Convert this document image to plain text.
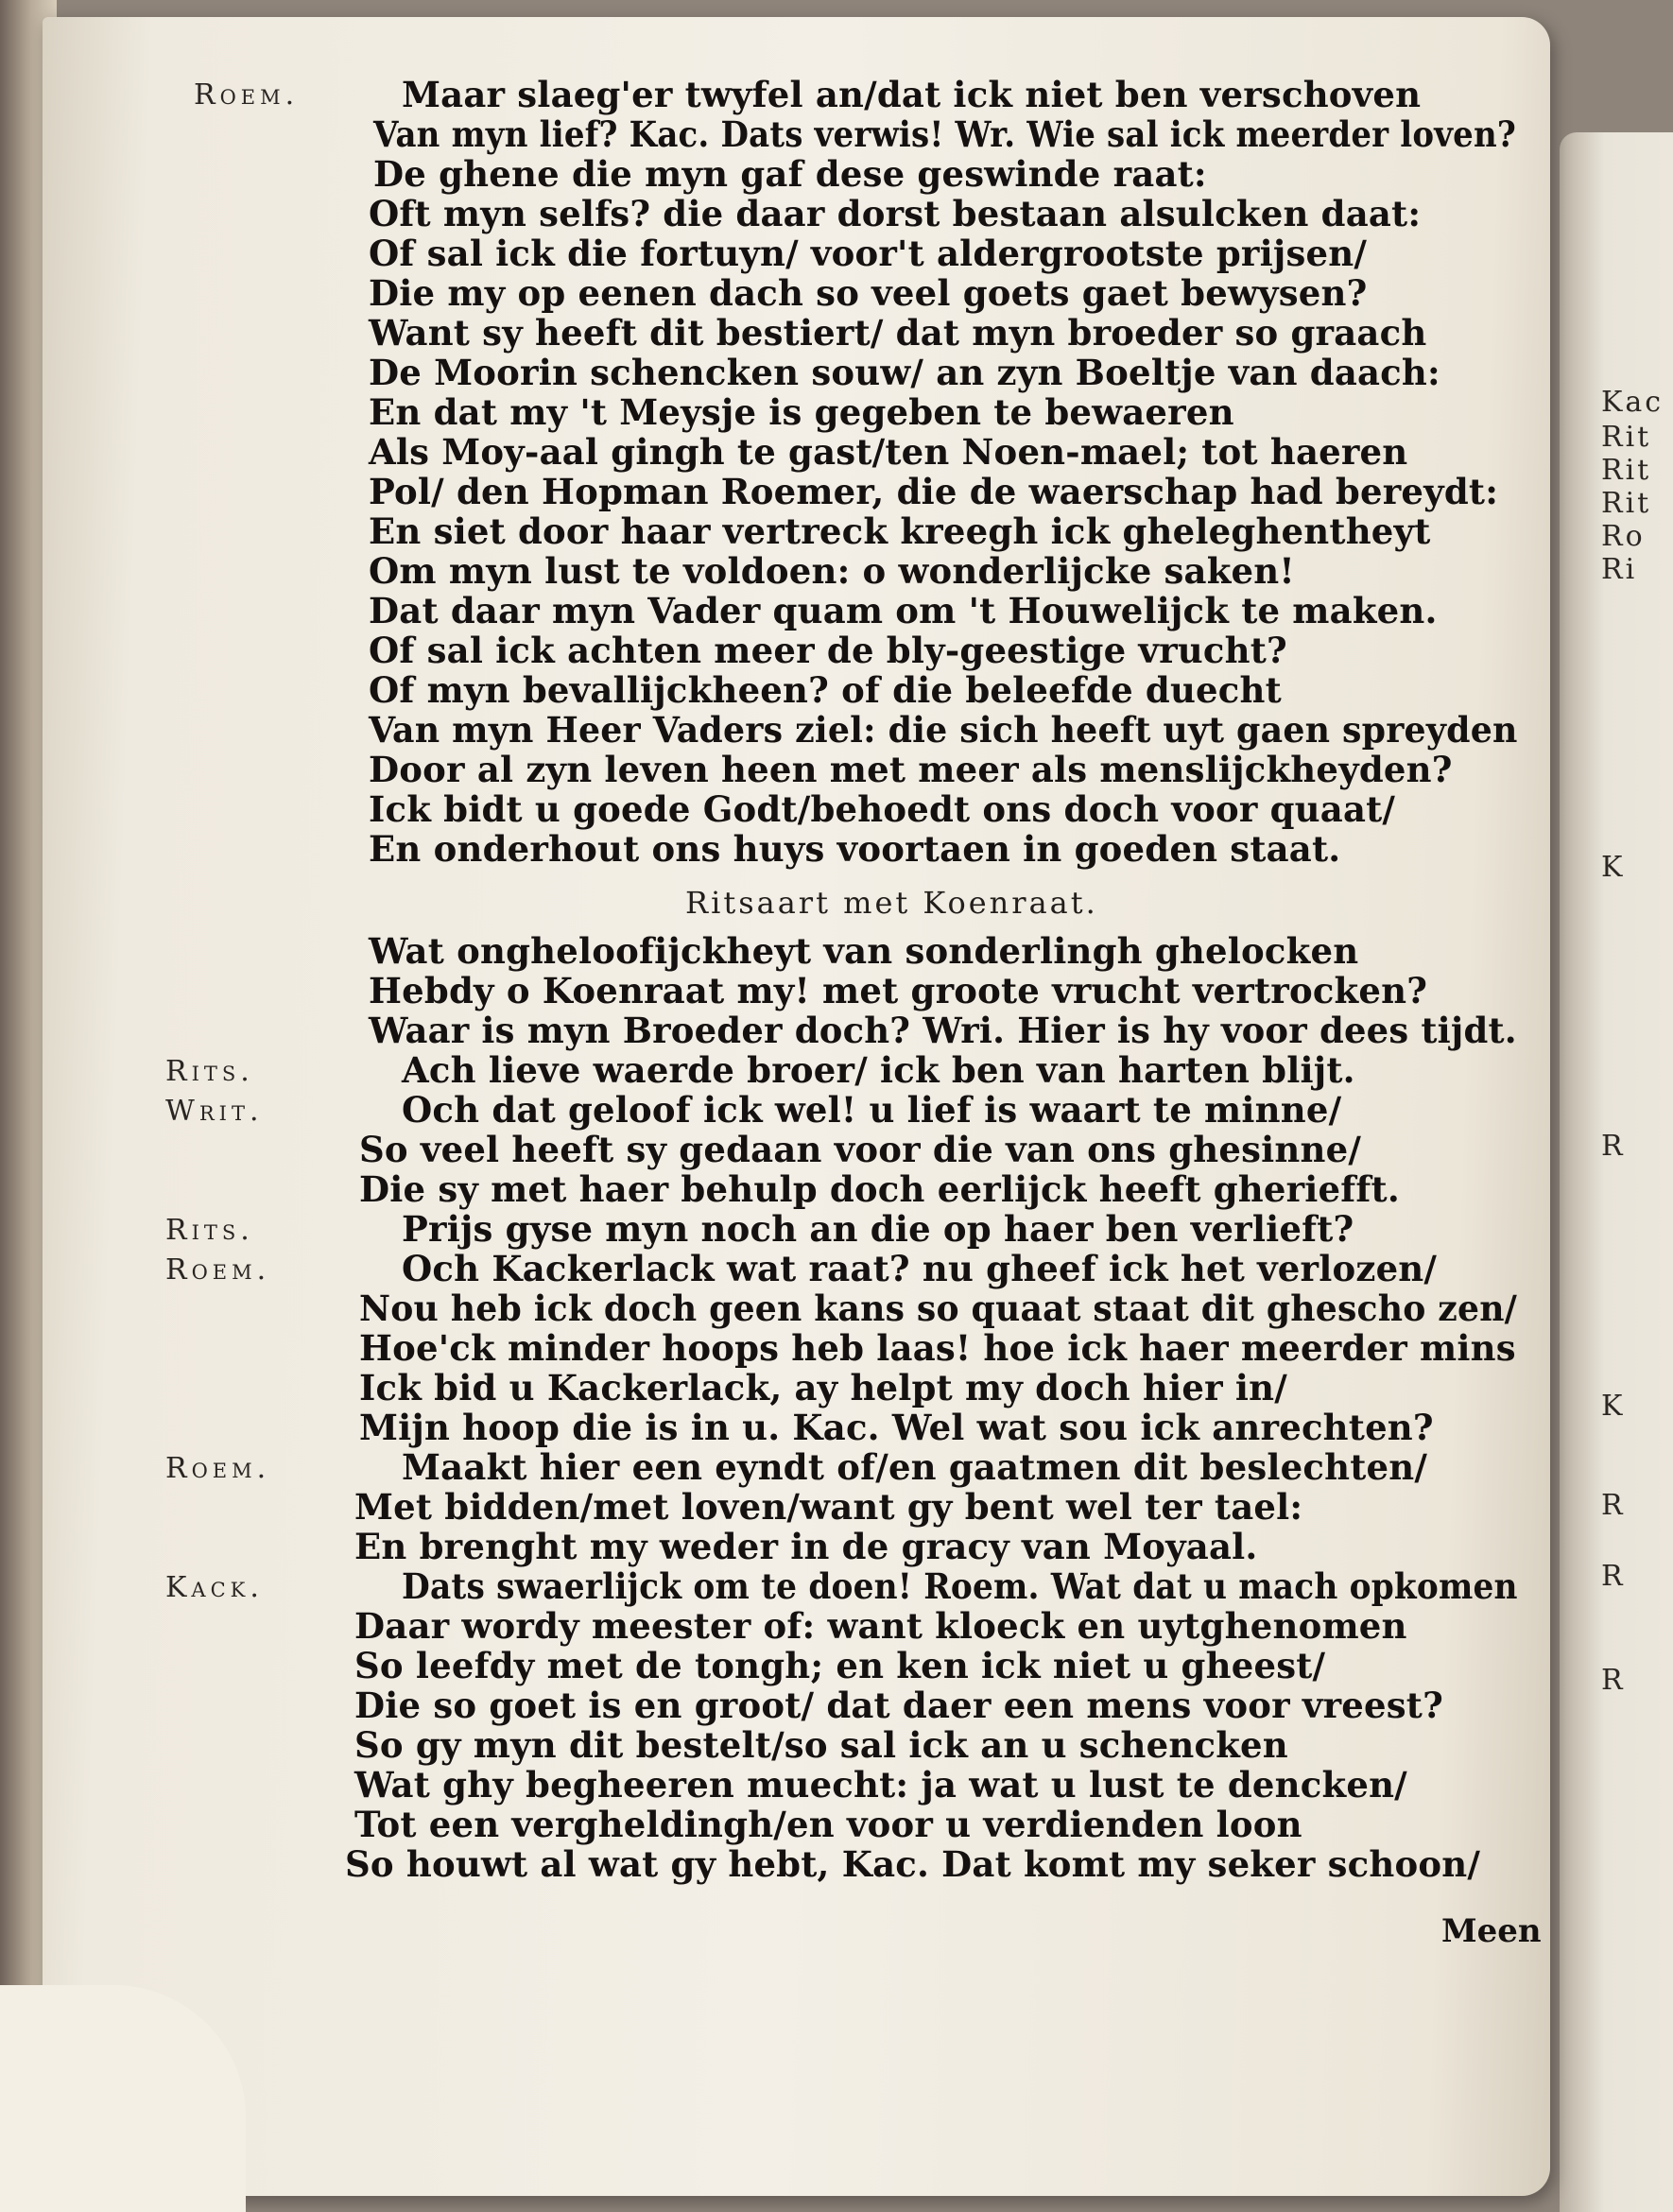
Kac
Rit
Rit
Rit
Ro
Ri
K
R
K
R
R
R
Roem.	Maar slaeg'er twyfel an/dat ick niet ben verschoven
Van myn lief? Kac. Dats verwis! Wr. Wie sal ick meerder loven?
De ghene die myn gaf dese geswinde raat:
Oft myn selfs? die daar dorst bestaan alsulcken daat:
Of sal ick die fortuyn/ voor't aldergrootste prijsen/
Die my op eenen dach so veel goets gaet bewysen?
Want sy heeft dit bestiert/ dat myn broeder so graach
De Moorin schencken souw/ an zyn Boeltje van daach:
En dat my 't Meysje is gegeben te bewaeren
Als Moy-aal gingh te gast/ten Noen-mael; tot haeren
Pol/ den Hopman Roemer, die de waerschap had bereydt:
En siet door haar vertreck kreegh ick gheleghentheyt
Om myn lust te voldoen: o wonderlijcke saken!
Dat daar myn Vader quam om 't Houwelijck te maken.
Of sal ick achten meer de bly-geestige vrucht?
Of myn bevallijckheen? of die beleefde duecht
Van myn Heer Vaders ziel: die sich heeft uyt gaen spreyden
Door al zyn leven heen met meer als menslijckheyden?
Ick bidt u goede Godt/behoedt ons doch voor quaat/
En onderhout ons huys voortaen in goeden staat.
Ritsaart met Koenraat.
Wat ongheloofijckheyt van sonderlingh ghelocken
Hebdy o Koenraat my! met groote vrucht vertrocken?
Waar is myn Broeder doch? Wri. Hier is hy voor dees tijdt.
Rits.	Ach lieve waerde broer/ ick ben van harten blijt.
Writ.	Och dat geloof ick wel! u lief is waart te minne/
So veel heeft sy gedaan voor die van ons ghesinne/
Die sy met haer behulp doch eerlijck heeft gheriefft.
Rits.	Prijs gyse myn noch an die op haer ben verlieft?
Roem.	Och Kackerlack wat raat? nu gheef ick het verlozen/
Nou heb ick doch geen kans so quaat staat dit ghescho zen/
Hoe'ck minder hoops heb laas! hoe ick haer meerder mins
Ick bid u Kackerlack, ay helpt my doch hier in/
Mijn hoop die is in u. Kac. Wel wat sou ick anrechten?
Roem.	Maakt hier een eyndt of/en gaatmen dit beslechten/
Met bidden/met loven/want gy bent wel ter tael:
En brenght my weder in de gracy van Moyaal.
Kack.	Dats swaerlijck om te doen! Roem. Wat dat u mach opkomen
Daar wordy meester of: want kloeck en uytghenomen
So leefdy met de tongh; en ken ick niet u gheest/
Die so goet is en groot/ dat daer een mens voor vreest?
So gy myn dit bestelt/so sal ick an u schencken
Wat ghy begheeren muecht: ja wat u lust te dencken/
Tot een vergheldingh/en voor u verdienden loon
So houwt al wat gy hebt, Kac. Dat komt my seker schoon/
Meen
